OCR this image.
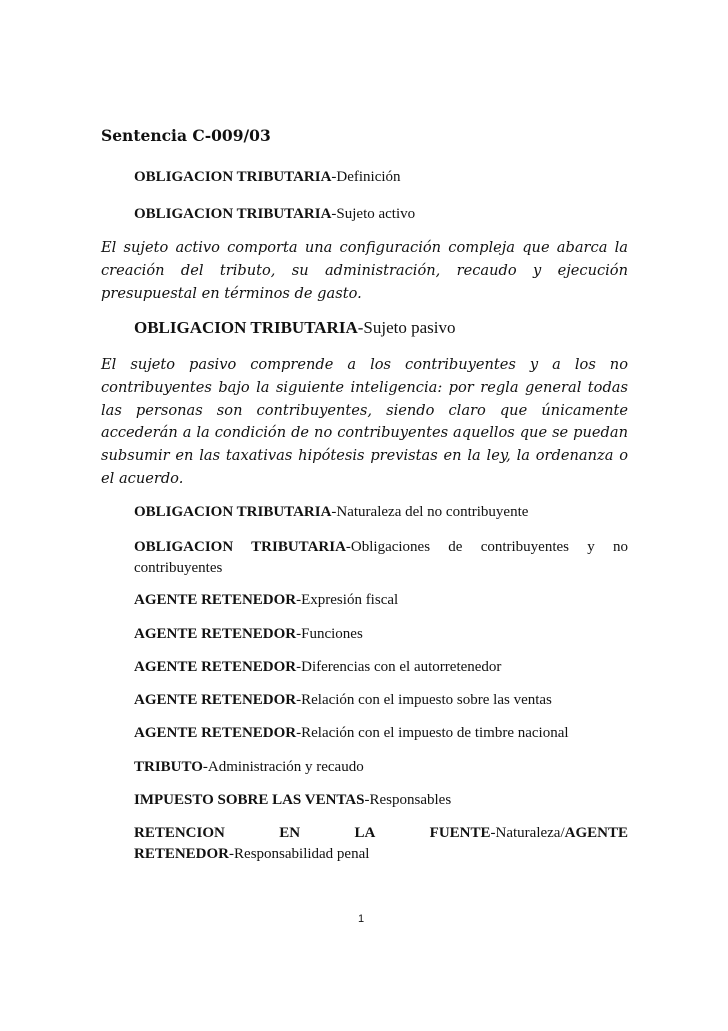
Sentencia C-009/03

OBLIGACION TRIBUTARIA-Definición

OBLIGACION TRIBUTARIA-Sujeto activo

El sujeto activo comporta una configuración compleja que abarca la creación del tributo, su administración, recaudo y ejecución presupuestal en términos de gasto.

OBLIGACION TRIBUTARIA-Sujeto pasivo

El sujeto pasivo comprende a los contribuyentes y a los no contribuyentes bajo la siguiente inteligencia: por regla general todas las personas son contribuyentes, siendo claro que únicamente accederán a la condición de no contribuyentes aquellos que se puedan subsumir en las taxativas hipótesis previstas en la ley, la ordenanza o el acuerdo.

OBLIGACION TRIBUTARIA-Naturaleza del no contribuyente

OBLIGACION TRIBUTARIA-Obligaciones de contribuyentes y no contribuyentes

AGENTE RETENEDOR-Expresión fiscal

AGENTE RETENEDOR-Funciones

AGENTE RETENEDOR-Diferencias con el autorretenedor

AGENTE RETENEDOR-Relación con el impuesto sobre las ventas

AGENTE RETENEDOR-Relación con el impuesto de timbre nacional

TRIBUTO-Administración y recaudo

IMPUESTO SOBRE LAS VENTAS-Responsables

RETENCION	EN	LA	FUENTE-Naturaleza/AGENTE

RETENEDOR-Responsabilidad penal

1
